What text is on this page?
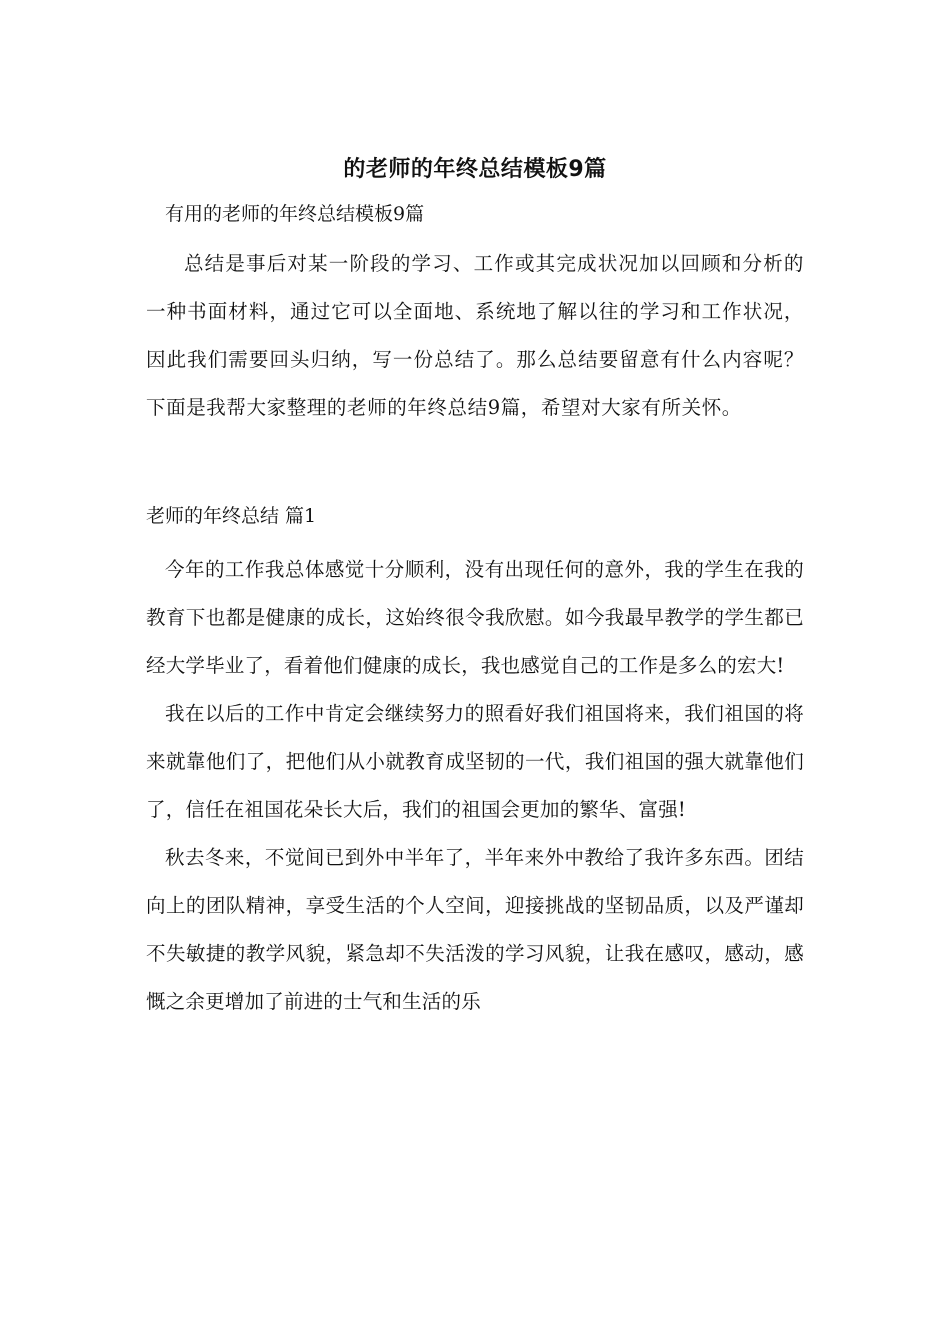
的老师的年终总结模板9篇

有用的老师的年终总结模板9篇

总结是事后对某一阶段的学习、工作或其完成状况加以回顾和分析的一种书面材料，通过它可以全面地、系统地了解以往的学习和工作状况，因此我们需要回头归纳，写一份总结了。那么总结要留意有什么内容呢？下面是我帮大家整理的老师的年终总结9篇，希望对大家有所关怀。

老师的年终总结 篇1

今年的工作我总体感觉十分顺利，没有出现任何的意外，我的学生在我的教育下也都是健康的成长，这始终很令我欣慰。如今我最早教学的学生都已经大学毕业了，看着他们健康的成长，我也感觉自己的工作是多么的宏大!

我在以后的工作中肯定会继续努力的照看好我们祖国将来，我们祖国的将来就靠他们了，把他们从小就教育成坚韧的一代，我们祖国的强大就靠他们了，信任在祖国花朵长大后，我们的祖国会更加的繁华、富强!

秋去冬来，不觉间已到外中半年了，半年来外中教给了我许多东西。团结向上的团队精神，享受生活的个人空间，迎接挑战的坚韧品质，以及严谨却不失敏捷的教学风貌，紧急却不失活泼的学习风貌，让我在感叹，感动，感慨之余更增加了前进的士气和生活的乐
